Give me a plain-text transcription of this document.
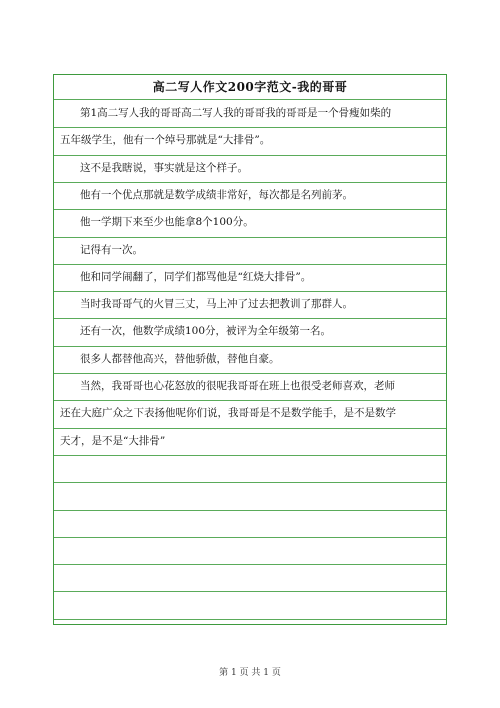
高二写人作文200字范文-我的哥哥
第1高二写人我的哥哥高二写人我的哥哥我的哥哥是一个骨瘦如柴的
五年级学生，他有一个绰号那就是“大排骨”。
这不是我瞎说，事实就是这个样子。
他有一个优点那就是数学成绩非常好，每次都是名列前茅。
他一学期下来至少也能拿8个100分。
记得有一次。
他和同学闹翻了，同学们都骂他是“红烧大排骨”。
当时我哥哥气的火冒三丈，马上冲了过去把教训了那群人。
还有一次，他数学成绩100分，被评为全年级第一名。
很多人都替他高兴，替他骄傲，替他自豪。
当然，我哥哥也心花怒放的很呢我哥哥在班上也很受老师喜欢，老师
还在大庭广众之下表扬他呢你们说，我哥哥是不是数学能手，是不是数学
天才，是不是“大排骨”
第 1 页 共 1 页
